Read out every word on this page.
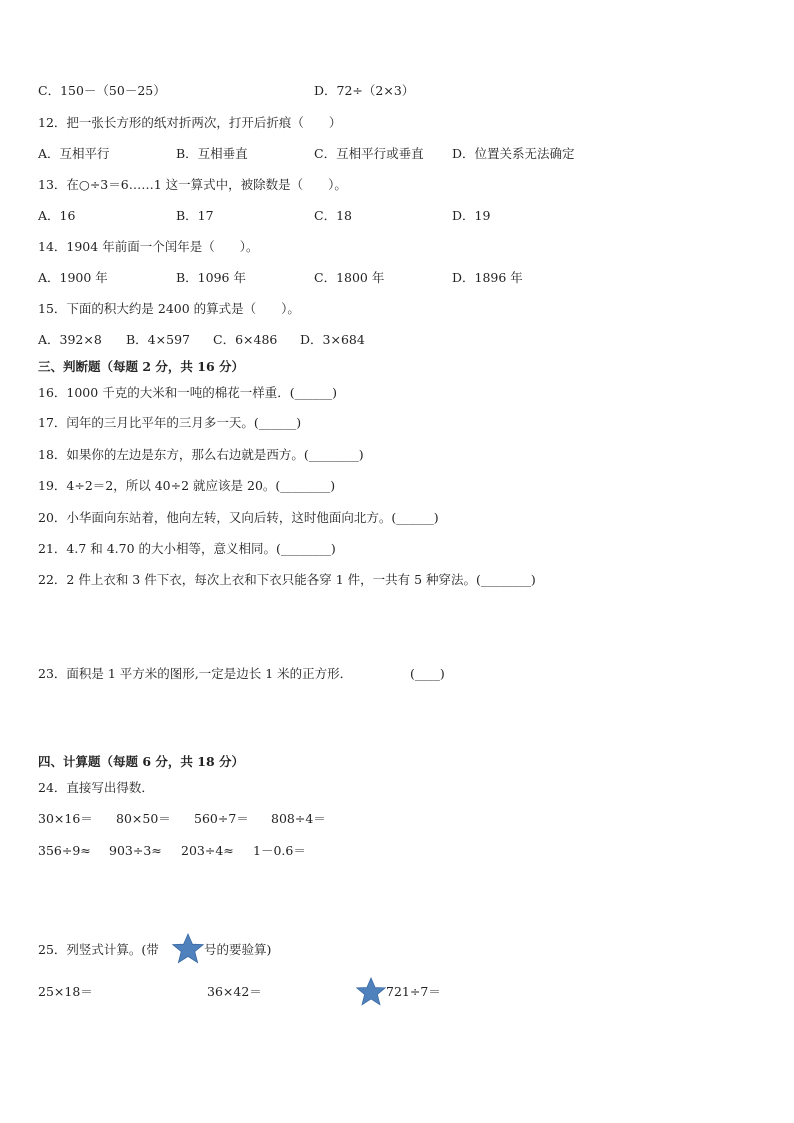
C．150－（50－25）	D．72÷（2×3）
12．把一张长方形的纸对折两次，打开后折痕（　　）
A．互相平行	B．互相垂直	C．互相平行或垂直 D．位置关系无法确定
13．在○÷3＝6……1 这一算式中，被除数是（　　）。
A．16	B．17	C．18	D．19
14．1904 年前面一个闰年是（　　）。
A．1900 年	B．1096 年	C．1800 年	D．1896 年
15．下面的积大约是 2400 的算式是（　　）。
A．392×8 B．4×597 C．6×486 D．3×684
三、判断题（每题 2 分，共 16 分）
16．1000 千克的大米和一吨的棉花一样重．(______)
17．闰年的三月比平年的三月多一天。(______)
18．如果你的左边是东方，那么右边就是西方。(________)
19．4÷2＝2，所以 40÷2 就应该是 20。(________)
20．小华面向东站着，他向左转，又向后转，这时他面向北方。(______)
21．4.7 和 4.70 的大小相等，意义相同。(________)
22．2 件上衣和 3 件下衣，每次上衣和下衣只能各穿 1 件，一共有 5 种穿法。(________)
23．面积是 1 平方米的图形,一定是边长 1 米的正方形．	(____)
四、计算题（每题 6 分，共 18 分）
24．直接写出得数．
30×16＝ 80×50＝ 560÷7＝ 808÷4＝
356÷9≈ 903÷3≈ 203÷4≈ 1－0.6＝
25．列竖式计算。(带	号的要验算)
25×18＝	36×42＝	721÷7＝
